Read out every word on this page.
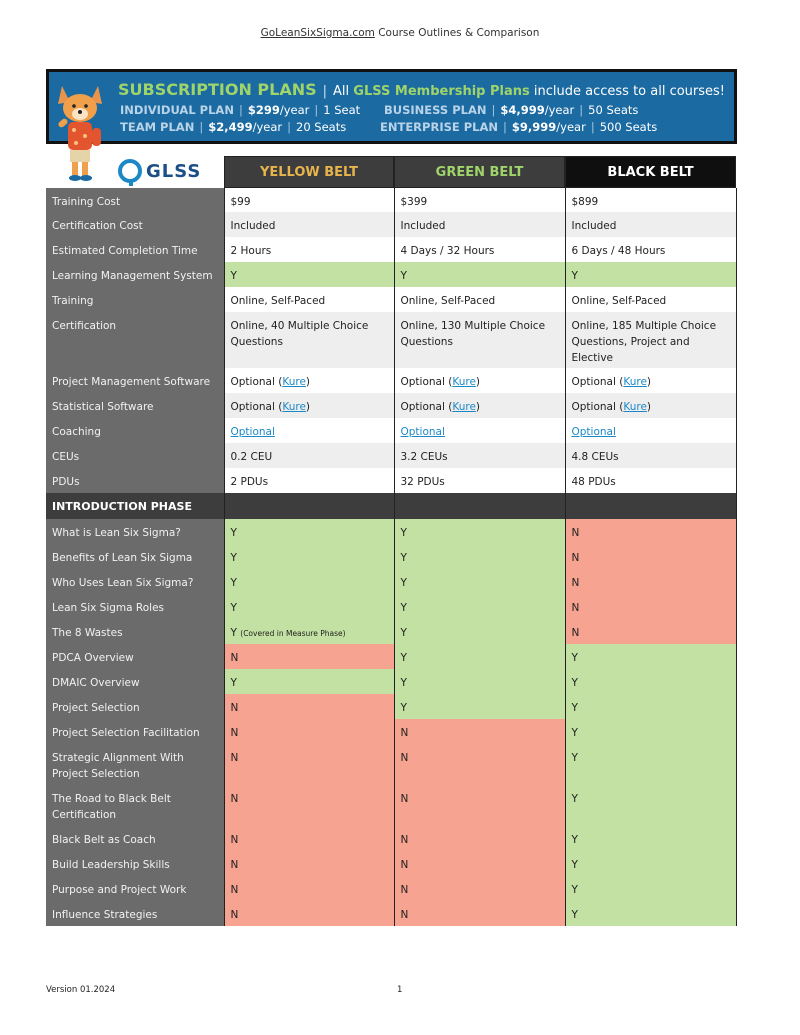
GoLeanSixSigma.com Course Outlines & Comparison
SUBSCRIPTION PLANS | All GLSS Membership Plans include access to all courses!
INDIVIDUAL PLAN | $299/year | 1 Seat BUSINESS PLAN | $4,999/year | 50 Seats
TEAM PLAN | $2,499/year | 20 Seats	ENTERPRISE PLAN | $9,999/year | 500 Seats
GLSS	YELLOW BELT	GREEN BELT	BLACK BELT
Training Cost	$99	$399	$899
Certification Cost	Included	Included	Included
Estimated Completion Time	2 Hours	4 Days / 32 Hours	6 Days / 48 Hours
Learning Management System	Y	Y	Y
Training	Online, Self-Paced	Online, Self-Paced	Online, Self-Paced
Certification	Online, 40 Multiple Choice Questions	Online, 130 Multiple Choice Questions	Online, 185 Multiple Choice Questions, Project and Elective
Project Management Software	Optional (Kure)	Optional (Kure)	Optional (Kure)
Statistical Software	Optional (Kure)	Optional (Kure)	Optional (Kure)
Coaching	Optional	Optional	Optional
CEUs	0.2 CEU	3.2 CEUs	4.8 CEUs
PDUs	2 PDUs	32 PDUs	48 PDUs
INTRODUCTION PHASE			
What is Lean Six Sigma?	Y	Y	N
Benefits of Lean Six Sigma	Y	Y	N
Who Uses Lean Six Sigma?	Y	Y	N
Lean Six Sigma Roles	Y	Y	N
The 8 Wastes	Y (Covered in Measure Phase)	Y	N
PDCA Overview	N	Y	Y
DMAIC Overview	Y	Y	Y
Project Selection	N	Y	Y
Project Selection Facilitation	N	N	Y
Strategic Alignment With Project Selection	N	N	Y
The Road to Black Belt Certification	N	N	Y
Black Belt as Coach	N	N	Y
Build Leadership Skills	N	N	Y
Purpose and Project Work	N	N	Y
Influence Strategies	N	N	Y
Version 01.2024	1
